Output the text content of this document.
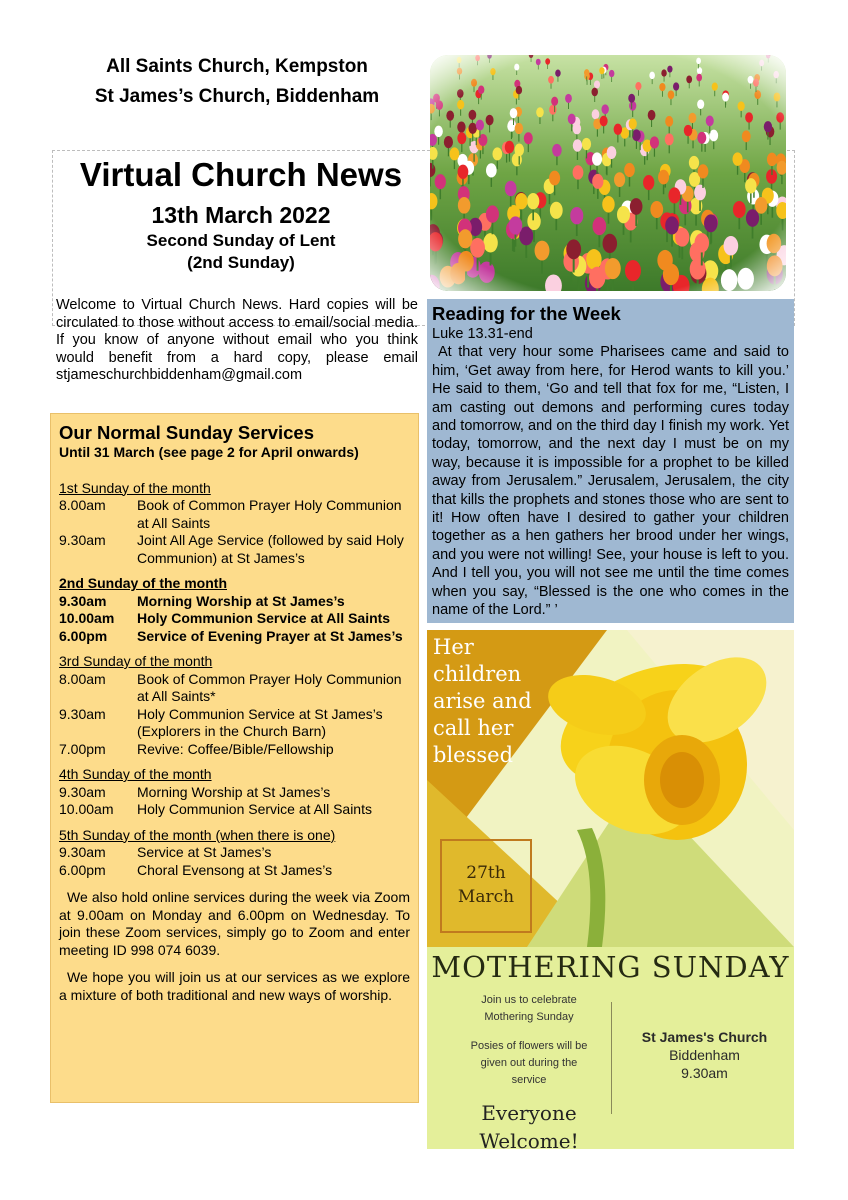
All Saints Church, Kempston
St James’s Church, Biddenham
Virtual Church News
13th March 2022
Second Sunday of Lent
(2nd Sunday)
Welcome to Virtual Church News. Hard copies will be circulated to those without access to email/social media. If you know of anyone without email who you think would benefit from a hard copy, please email stjameschurchbiddenham@gmail.com
Our Normal Sunday Services
Until 31 March (see page 2 for April onwards)
1st Sunday of the month
8.00am	Book of Common Prayer Holy Communion at All Saints
9.30am	Joint All Age Service (followed by said Holy Communion) at St James’s
2nd Sunday of the month
9.30am	Morning Worship at St James’s
10.00am	Holy Communion Service at All Saints
6.00pm	Service of Evening Prayer at St James’s
3rd Sunday of the month
8.00am	Book of Common Prayer Holy Communion at All Saints*
9.30am	Holy Communion Service at St James’s (Explorers in the Church Barn)
7.00pm	Revive: Coffee/Bible/Fellowship
4th Sunday of the month
9.30am	Morning Worship at St James’s
10.00am	Holy Communion Service at All Saints
5th Sunday of the month (when there is one)
9.30am	Service at St James’s
6.00pm	Choral Evensong at St James’s

We also hold online services during the week via Zoom at 9.00am on Monday and 6.00pm on Wednesday. To join these Zoom services, simply go to Zoom and enter meeting ID 998 074 6039.

We hope you will join us at our services as we explore a mixture of both traditional and new ways of worship.

Reading for the Week
Luke 13.31-end
At that very hour some Pharisees came and said to him, ‘Get away from here, for Herod wants to kill you.’ He said to them, ‘Go and tell that fox for me, “Listen, I am casting out demons and performing cures today and tomorrow, and on the third day I finish my work. Yet today, tomorrow, and the next day I must be on my way, because it is impossible for a prophet to be killed away from Jerusalem.” Jerusalem, Jerusalem, the city that kills the prophets and stones those who are sent to it! How often have I desired to gather your children together as a hen gathers her brood under her wings, and you were not willing! See, your house is left to you. And I tell you, you will not see me until the time comes when you say, “Blessed is the one who comes in the name of the Lord.” ’
Her
children
arise and
call her
blessed
27th
March
MOTHERING SUNDAY
Join us to celebrate
Mothering Sunday
Posies of flowers will be
given out during the
service
Everyone
Welcome!
St James's Church
Biddenham
9.30am
